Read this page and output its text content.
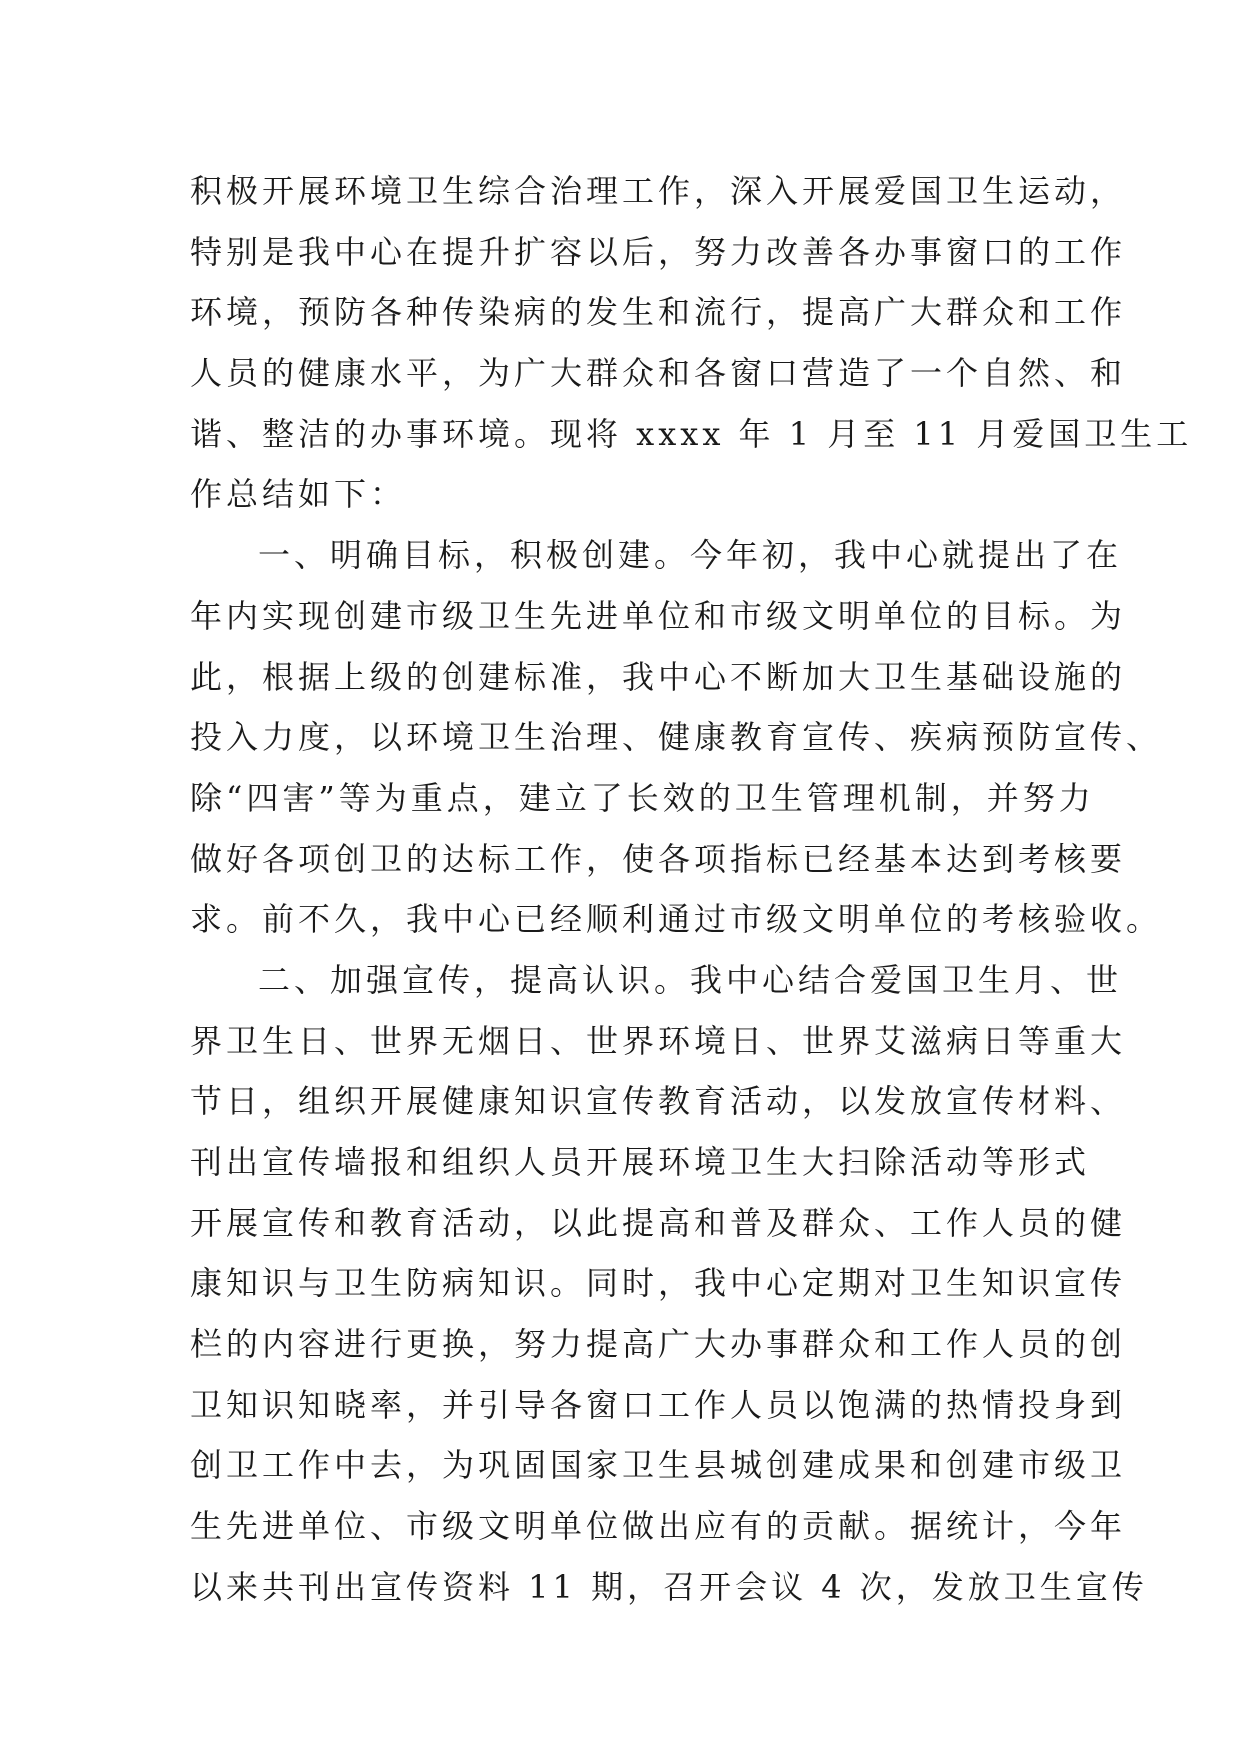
积极开展环境卫生综合治理工作，深入开展爱国卫生运动，
特别是我中心在提升扩容以后，努力改善各办事窗口的工作
环境，预防各种传染病的发生和流行，提高广大群众和工作
人员的健康水平，为广大群众和各窗口营造了一个自然、和
谐、整洁的办事环境。现将 xxxx 年 1 月至 11 月爱国卫生工
作总结如下：
一、明确目标，积极创建。今年初，我中心就提出了在
年内实现创建市级卫生先进单位和市级文明单位的目标。为
此，根据上级的创建标准，我中心不断加大卫生基础设施的
投入力度，以环境卫生治理、健康教育宣传、疾病预防宣传、
除“四害”等为重点，建立了长效的卫生管理机制，并努力
做好各项创卫的达标工作，使各项指标已经基本达到考核要
求。前不久，我中心已经顺利通过市级文明单位的考核验收。
二、加强宣传，提高认识。我中心结合爱国卫生月、世
界卫生日、世界无烟日、世界环境日、世界艾滋病日等重大
节日，组织开展健康知识宣传教育活动，以发放宣传材料、
刊出宣传墙报和组织人员开展环境卫生大扫除活动等形式
开展宣传和教育活动，以此提高和普及群众、工作人员的健
康知识与卫生防病知识。同时，我中心定期对卫生知识宣传
栏的内容进行更换，努力提高广大办事群众和工作人员的创
卫知识知晓率，并引导各窗口工作人员以饱满的热情投身到
创卫工作中去，为巩固国家卫生县城创建成果和创建市级卫
生先进单位、市级文明单位做出应有的贡献。据统计，今年
以来共刊出宣传资料 11 期，召开会议 4 次，发放卫生宣传
